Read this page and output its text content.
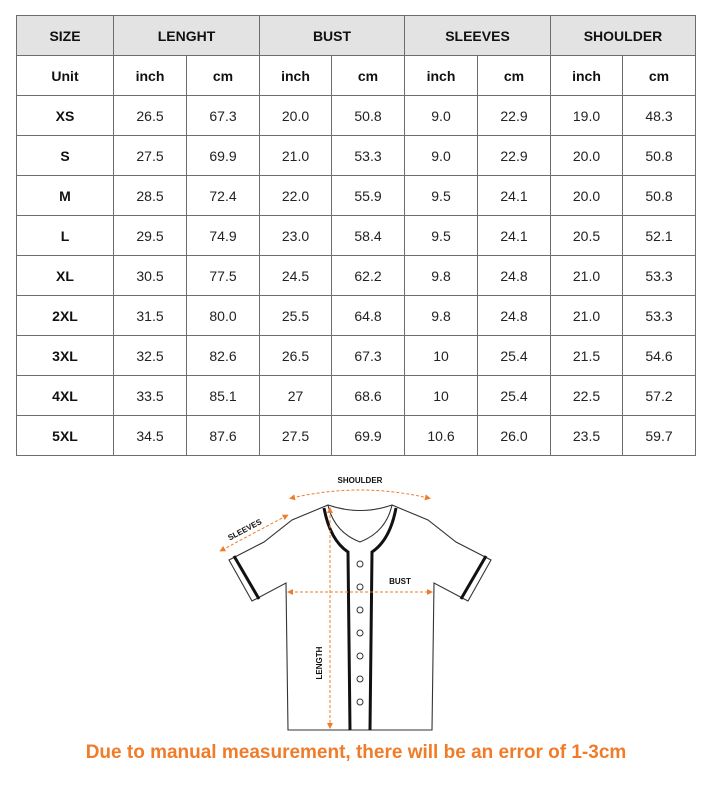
SIZE	LENGHT		BUST		SLEEVES		SHOULDER	
Unit	inch	cm	inch	cm	inch	cm	inch	cm
XS	26.5	67.3	20.0	50.8	9.0	22.9	19.0	48.3
S	27.5	69.9	21.0	53.3	9.0	22.9	20.0	50.8
M	28.5	72.4	22.0	55.9	9.5	24.1	20.0	50.8
L	29.5	74.9	23.0	58.4	9.5	24.1	20.5	52.1
XL	30.5	77.5	24.5	62.2	9.8	24.8	21.0	53.3
2XL	31.5	80.0	25.5	64.8	9.8	24.8	21.0	53.3
3XL	32.5	82.6	26.5	67.3	10	25.4	21.5	54.6
4XL	33.5	85.1	27	68.6	10	25.4	22.5	57.2
5XL	34.5	87.6	27.5	69.9	10.6	26.0	23.5	59.7
SHOULDER
SLEEVES
BUST
LENGTH
Due to manual measurement, there will be an error of 1-3cm
